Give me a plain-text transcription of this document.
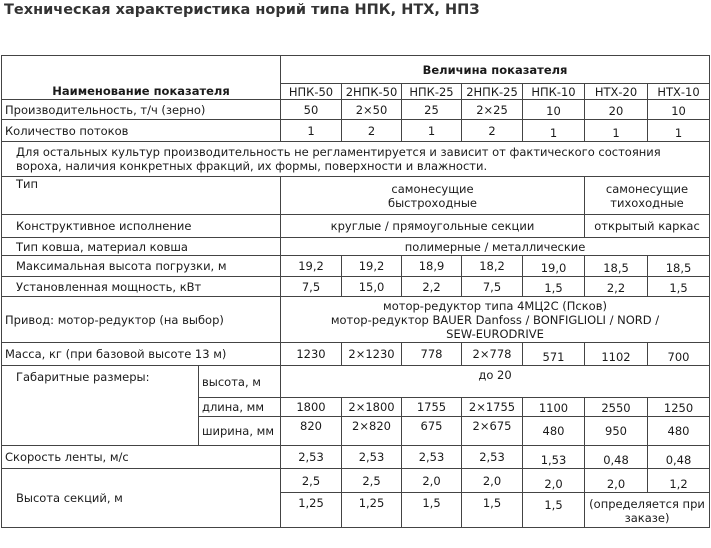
Техническая характеристика норий типа НПК, НТХ, НПЗ
Наименование показателя		Величина показателя						
		НПК-50	2НПК-50	НПК-25	2НПК-25	НПК-10	НТХ-20	НТХ-10
Производительность, т/ч (зерно)		50	2×50	25	2×25	10	20	10
Количество потоков		1	2	1	2	1	1	1
Для остальных культур производительность не регламентируется и зависит от фактического состояния вороха, наличия конкретных фракций, их формы, поверхности и влажности.								
Тип		самонесущие быстроходные					самонесущие тихоходные	

Конструктивное исполнение		круглые / прямоугольные секции					открытый каркас	
Тип ковша, материал ковша		полимерные / металлические						
Максимальная высота погрузки, м		19,2	19,2	18,9	18,2	19,0	18,5	18,5
Установленная мощность, кВт		7,5	15,0	2,2	7,5	1,5	2,2	1,5
Привод: мотор-редуктор (на выбор)		мотор-редуктор типа 4МЦ2С (Псков)
мотор-редуктор BAUER Danfoss / BONFIGLIOLI / NORD / SEW-EURODRIVE						

Масса, кг (при базовой высоте 13 м)		1230	2×1230	778	2×778	571	1102	700
Габаритные размеры:	высота, м	до 20						
	длина, мм	1800	2×1800	1755	2×1755	1100	2550	1250
	ширина, мм	820	2×820	675	2×675	480	950	480
Скорость ленты, м/с		2,53	2,53	2,53	2,53	1,53	0,48	0,48
Высота секций, м		2,5	2,5	2,0	2,0	2,0	2,0	1,2
		1,25	1,25	1,5	1,5	1,5	(определяется при заказе)	
